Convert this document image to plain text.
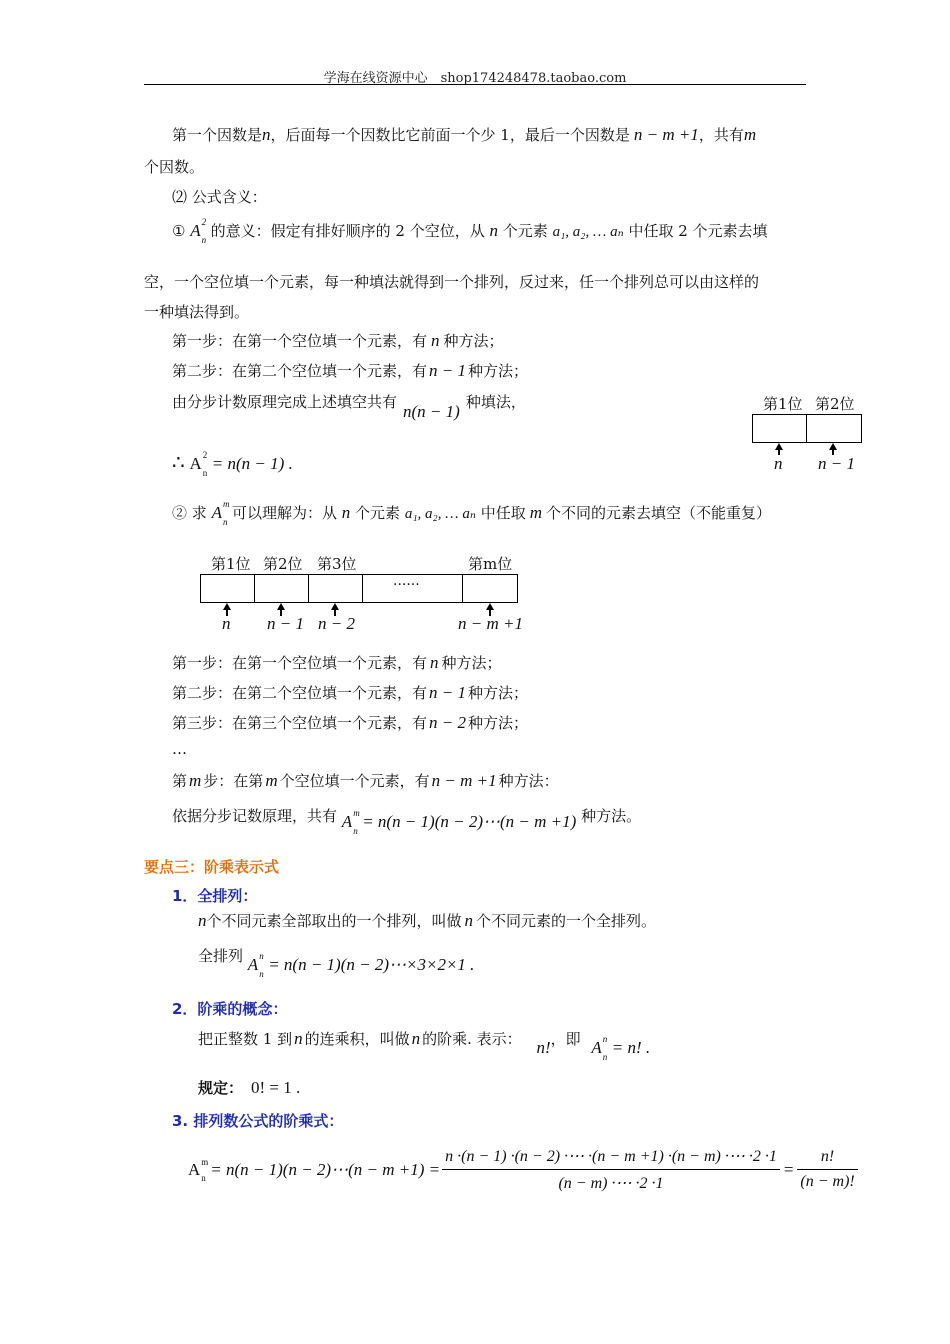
学海在线资源中心　shop174248478.taobao.com
第一个因数是n，后面每一个因数比它前面一个少 1，最后一个因数是 n − m +1，共有m
个因数。
⑵ 公式含义：
① A 2
n 的意义：假定有排好顺序的 2 个空位，从 n 个元素 a₁, a₂, … aₙ 中任取 2 个元素去填
空，一个空位填一个元素，每一种填法就得到一个排列，反过来，任一个排列总可以由这样的
一种填法得到。
第一步：在第一个空位填一个元素，有 n 种方法；
第二步：在第二个空位填一个元素，有 n − 1 种方法；
由分步计数原理完成上述填空共有 n(n − 1) 种填法，	第1位 第2位
n n − 1
∴ A 2
n = n(n − 1) .
② 求 A m
n 可以理解为：从 n 个元素 a₁, a₂, … aₙ 中任取 m 个不同的元素去填空（不能重复）
第1位 第2位 第3位	第m位
······
n n − 1 n − 2	n − m +1
第一步：在第一个空位填一个元素，有 n 种方法；
第二步：在第二个空位填一个元素，有 n − 1 种方法；
第三步：在第三个空位填一个元素，有 n − 2 种方法；
…
第 m 步：在第 m 个空位填一个元素，有 n − m +1 种方法：
依据分步记数原理，共有 A m
n = n(n − 1)(n − 2)⋯(n − m +1) 种方法。
要点三：阶乘表示式
1．全排列：
n个不同元素全部取出的一个排列，叫做 n 个不同元素的一个全排列。
全排列 A n
n = n(n − 1)(n − 2)⋯×3×2×1 .
2．阶乘的概念：
把正整数 1 到 n 的连乘积，叫做 n 的阶乘. 表示： n!，即 A n
n = n! .
规定： 0! = 1 .
3. 排列数公式的阶乘式：
A m
n = n(n − 1)(n − 2)⋯(n − $m +1) = \frac{n \cdot(n - 1) \cdot(n - 2) \cdot\cdots \cdot(n - m +1) \cdot(n - m) \cdot\cdots \cdot 2 \cdot 1}{(n - m) \cdot\cdots \cdot 2 \cdot 1} = \frac{n!}{(n - m)!}$
